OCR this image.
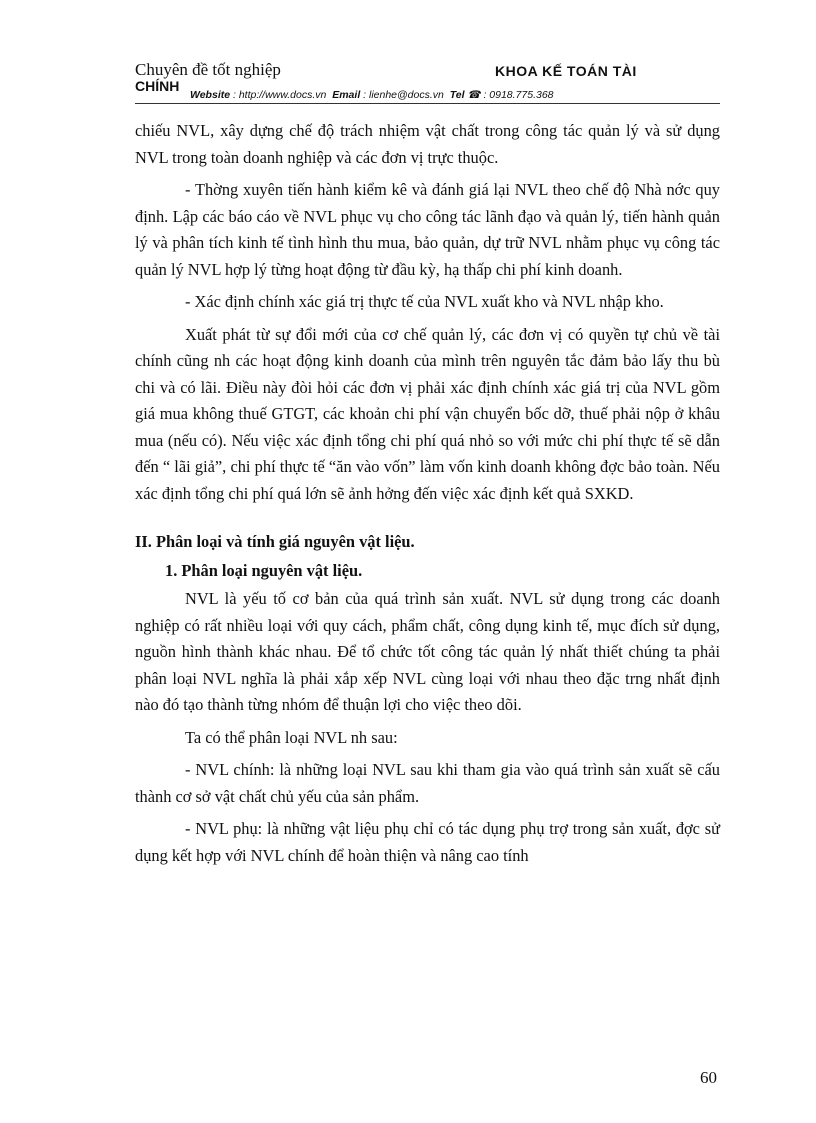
Chuyên đề tốt nghiệp	KHOA KẾ TOÁN TÀI
CHÍNH
Website : http://www.docs.vn Email : lienhe@docs.vn Tel ☎ : 0918.775.368

chiếu NVL, xây dựng chế độ trách nhiệm vật chất trong công tác quản lý và sử dụng NVL trong toàn doanh nghiệp và các đơn vị trực thuộc.

- Thờng xuyên tiến hành kiểm kê và đánh giá lại NVL theo chế độ Nhà nớc quy định. Lập các báo cáo về NVL phục vụ cho công tác lãnh đạo và quản lý, tiến hành quản lý và phân tích kinh tế tình hình thu mua, bảo quản, dự trữ NVL nhằm phục vụ công tác quản lý NVL hợp lý từng hoạt động từ đầu kỳ, hạ thấp chi phí kinh doanh.

- Xác định chính xác giá trị thực tế của NVL xuất kho và NVL nhập kho.

Xuất phát từ sự đổi mới của cơ chế quản lý, các đơn vị có quyền tự chủ về tài chính cũng nh các hoạt động kinh doanh của mình trên nguyên tắc đảm bảo lấy thu bù chi và có lãi. Điều này đòi hỏi các đơn vị phải xác định chính xác giá trị của NVL gồm giá mua không thuế GTGT, các khoản chi phí vận chuyển bốc dỡ, thuế phải nộp ở khâu mua (nếu có). Nếu việc xác định tổng chi phí quá nhỏ so với mức chi phí thực tế sẽ dẫn đến “ lãi giả”, chi phí thực tế “ăn vào vốn” làm vốn kinh doanh không đợc bảo toàn. Nếu xác định tổng chi phí quá lớn sẽ ảnh hởng đến việc xác định kết quả SXKD.

II. Phân loại và tính giá nguyên vật liệu.

1. Phân loại nguyên vật liệu.

NVL là yếu tố cơ bản của quá trình sản xuất. NVL sử dụng trong các doanh nghiệp có rất nhiều loại với quy cách, phẩm chất, công dụng kinh tế, mục đích sử dụng, nguồn hình thành khác nhau. Để tổ chức tốt công tác quản lý nhất thiết chúng ta phải phân loại NVL nghĩa là phải xắp xếp NVL cùng loại với nhau theo đặc trng nhất định nào đó tạo thành từng nhóm để thuận lợi cho việc theo dõi.

Ta có thể phân loại NVL nh sau:

- NVL chính: là những loại NVL sau khi tham gia vào quá trình sản xuất sẽ cấu thành cơ sở vật chất chủ yếu của sản phẩm.

- NVL phụ: là những vật liệu phụ chỉ có tác dụng phụ trợ trong sản xuất, đợc sử dụng kết hợp với NVL chính để hoàn thiện và nâng cao tính

60
